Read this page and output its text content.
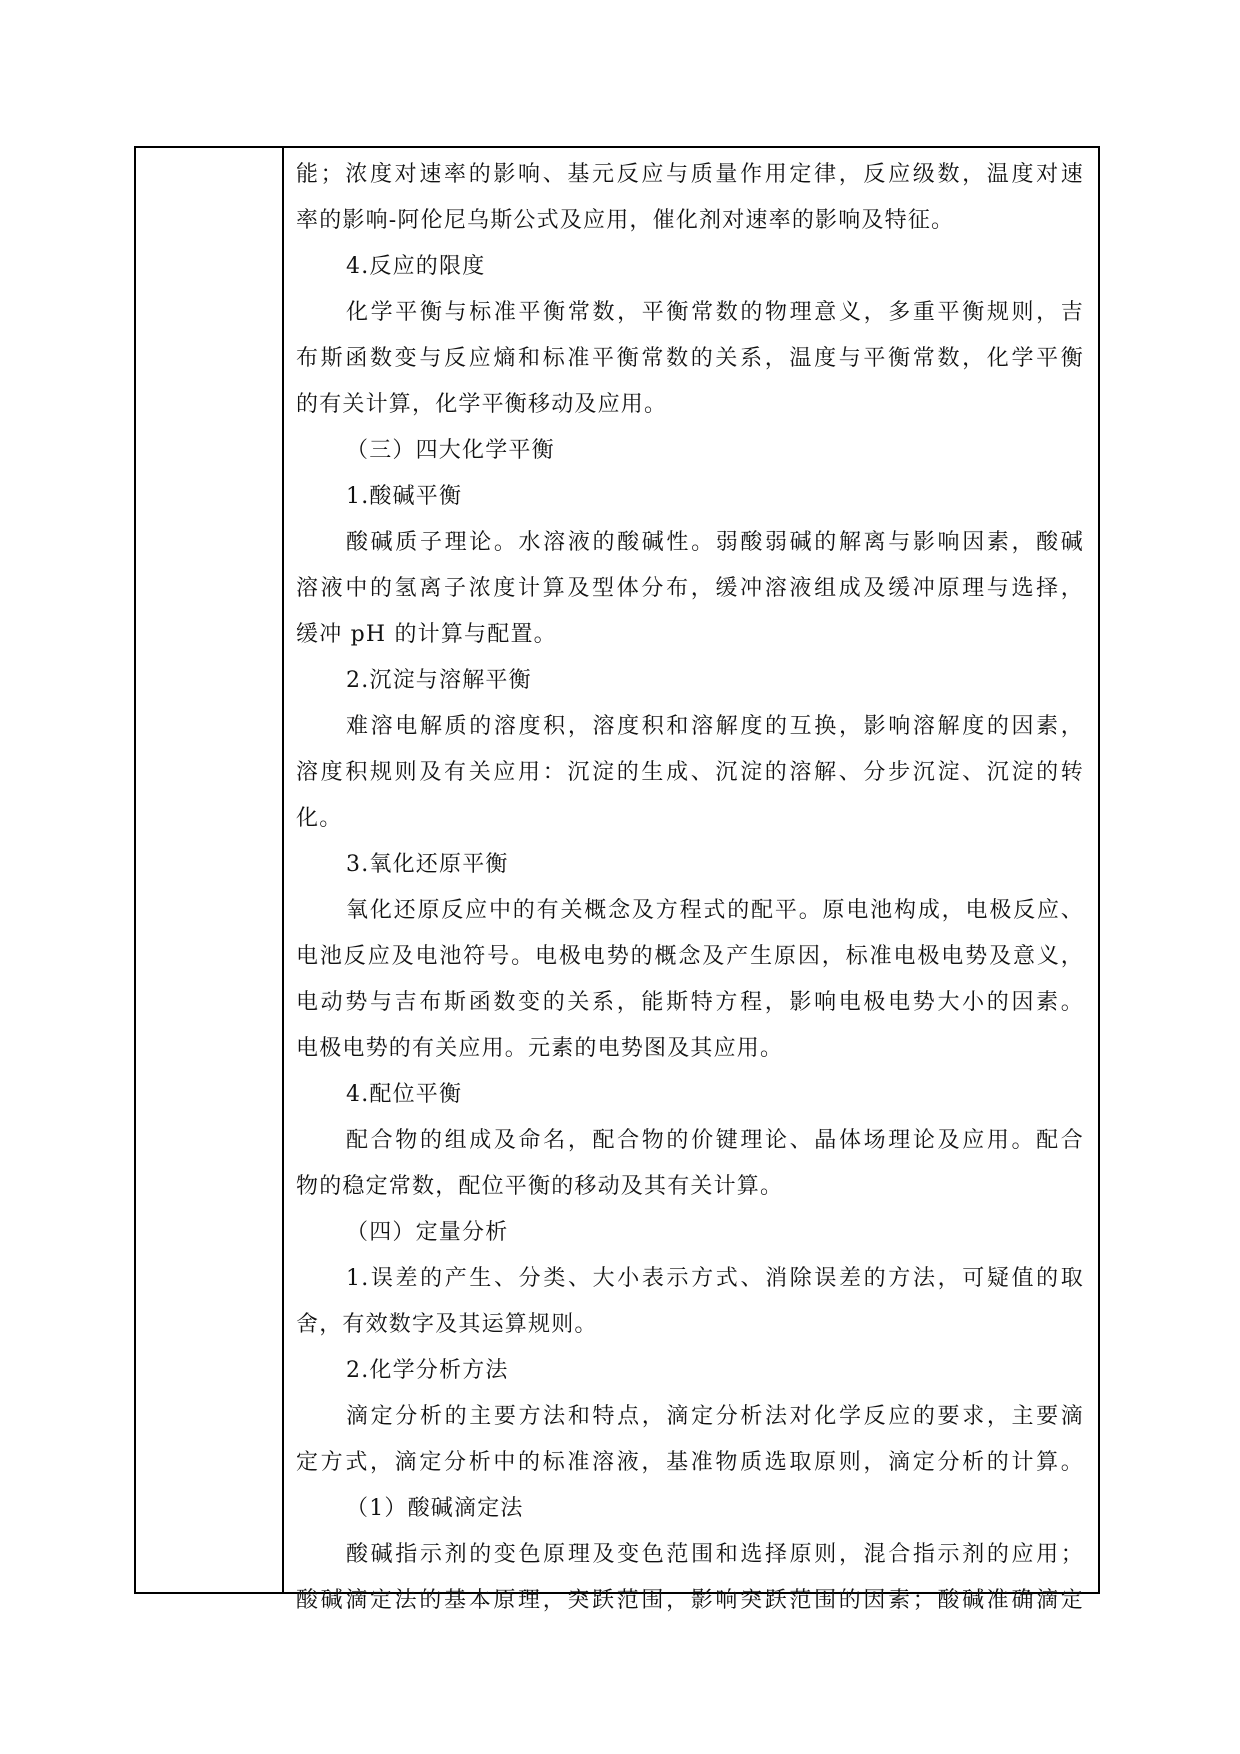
能；浓度对速率的影响、基元反应与质量作用定律，反应级数，温度对速
率的影响-阿伦尼乌斯公式及应用，催化剂对速率的影响及特征。
4.反应的限度
化学平衡与标准平衡常数，平衡常数的物理意义，多重平衡规则，吉
布斯函数变与反应熵和标准平衡常数的关系，温度与平衡常数，化学平衡
的有关计算，化学平衡移动及应用。
（三）四大化学平衡
1.酸碱平衡
酸碱质子理论。水溶液的酸碱性。弱酸弱碱的解离与影响因素，酸碱
溶液中的氢离子浓度计算及型体分布，缓冲溶液组成及缓冲原理与选择，
缓冲 pH 的计算与配置。
2.沉淀与溶解平衡
难溶电解质的溶度积，溶度积和溶解度的互换，影响溶解度的因素，
溶度积规则及有关应用：沉淀的生成、沉淀的溶解、分步沉淀、沉淀的转
化。
3.氧化还原平衡
氧化还原反应中的有关概念及方程式的配平。原电池构成，电极反应、
电池反应及电池符号。电极电势的概念及产生原因，标准电极电势及意义，
电动势与吉布斯函数变的关系，能斯特方程，影响电极电势大小的因素。
电极电势的有关应用。元素的电势图及其应用。
4.配位平衡
配合物的组成及命名，配合物的价键理论、晶体场理论及应用。配合
物的稳定常数，配位平衡的移动及其有关计算。
（四）定量分析
1.误差的产生、分类、大小表示方式、消除误差的方法，可疑值的取
舍，有效数字及其运算规则。
2.化学分析方法
滴定分析的主要方法和特点，滴定分析法对化学反应的要求，主要滴
定方式，滴定分析中的标准溶液，基准物质选取原则，滴定分析的计算。
（1）酸碱滴定法
酸碱指示剂的变色原理及变色范围和选择原则，混合指示剂的应用；
酸碱滴定法的基本原理，突跃范围，影响突跃范围的因素；酸碱准确滴定
